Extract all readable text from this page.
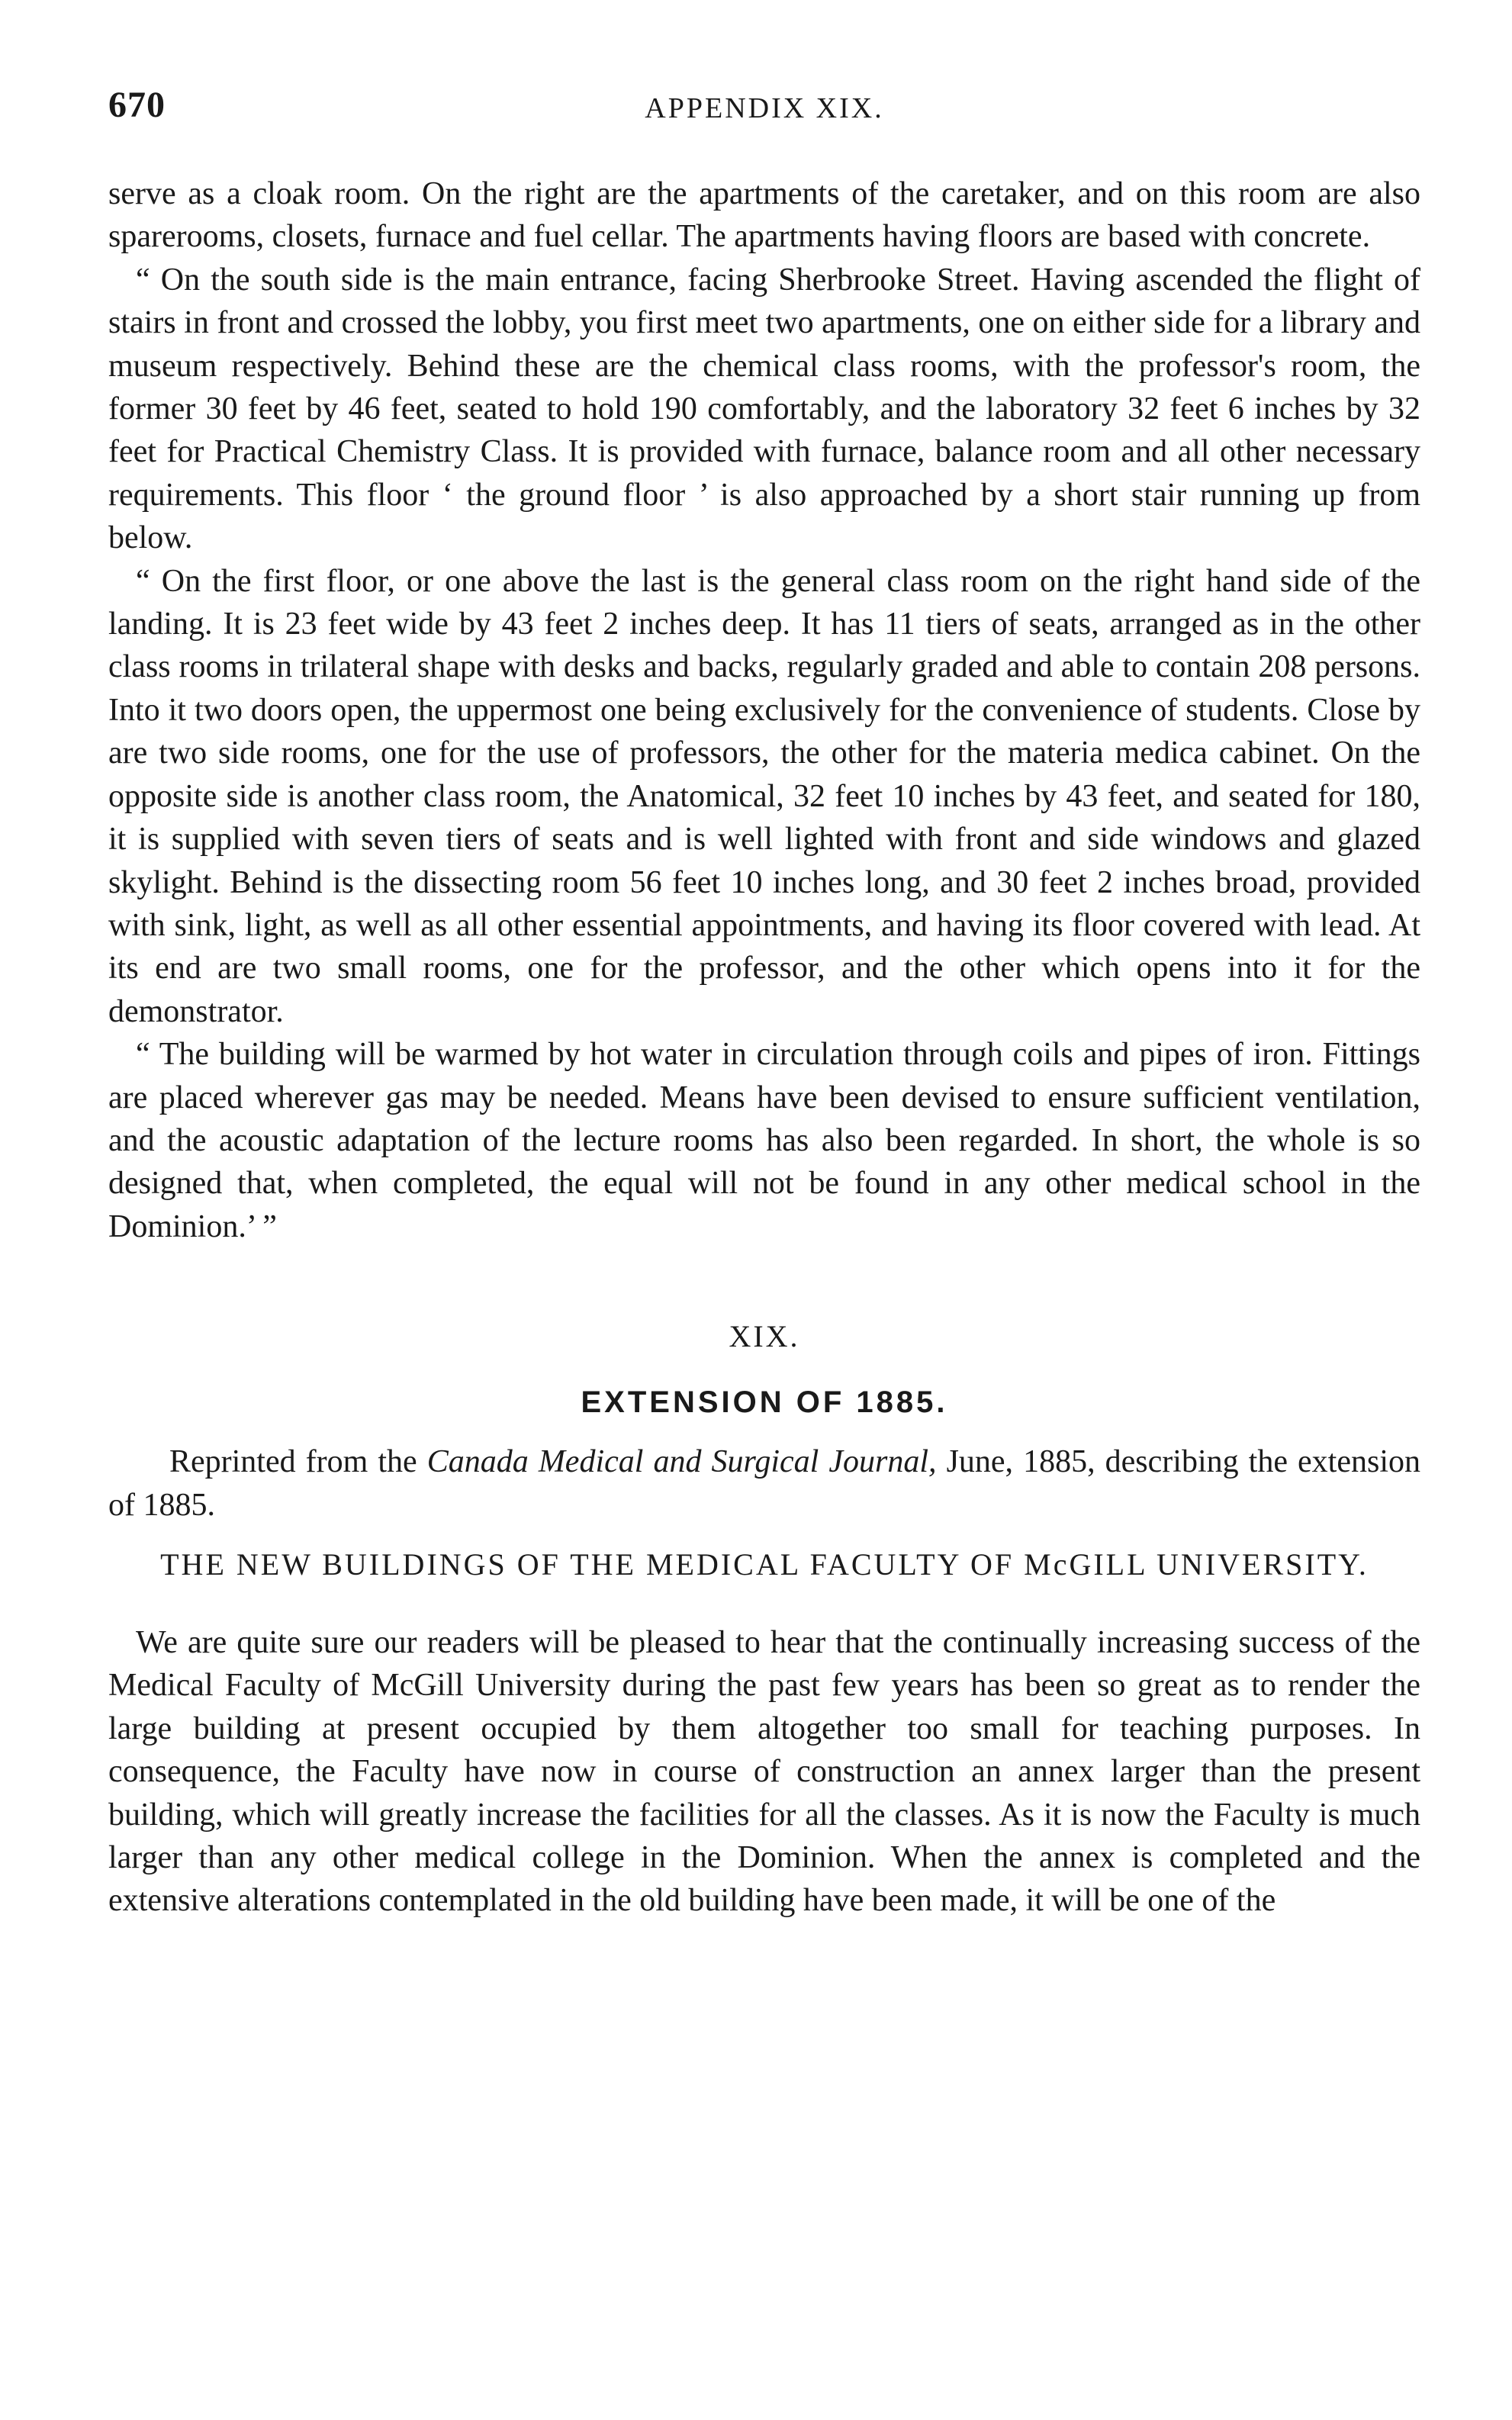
670	APPENDIX XIX.

serve as a cloak room. On the right are the apartments of the caretaker, and on this room are also sparerooms, closets, furnace and fuel cellar. The apartments having floors are based with concrete.

“ On the south side is the main entrance, facing Sherbrooke Street. Having ascended the flight of stairs in front and crossed the lobby, you first meet two apartments, one on either side for a library and museum respectively. Behind these are the chemical class rooms, with the professor's room, the former 30 feet by 46 feet, seated to hold 190 comfortably, and the laboratory 32 feet 6 inches by 32 feet for Practical Chemistry Class. It is provided with furnace, balance room and all other necessary requirements. This floor ‘ the ground floor ’ is also approached by a short stair running up from below.

“ On the first floor, or one above the last is the general class room on the right hand side of the landing. It is 23 feet wide by 43 feet 2 inches deep. It has 11 tiers of seats, arranged as in the other class rooms in trilateral shape with desks and backs, regularly graded and able to contain 208 persons. Into it two doors open, the uppermost one being exclusively for the convenience of students. Close by are two side rooms, one for the use of professors, the other for the materia medica cabinet. On the opposite side is another class room, the Anatomical, 32 feet 10 inches by 43 feet, and seated for 180, it is supplied with seven tiers of seats and is well lighted with front and side windows and glazed skylight. Behind is the dissecting room 56 feet 10 inches long, and 30 feet 2 inches broad, provided with sink, light, as well as all other essential appointments, and having its floor covered with lead. At its end are two small rooms, one for the professor, and the other which opens into it for the demonstrator.

“ The building will be warmed by hot water in circulation through coils and pipes of iron. Fittings are placed wherever gas may be needed. Means have been devised to ensure sufficient ventilation, and the acoustic adaptation of the lecture rooms has also been regarded. In short, the whole is so designed that, when completed, the equal will not be found in any other medical school in the Dominion.’ ”

XIX.
EXTENSION OF 1885.

Reprinted from the Canada Medical and Surgical Journal, June, 1885, describing the extension of 1885.

THE NEW BUILDINGS OF THE MEDICAL FACULTY OF McGILL UNIVERSITY.

We are quite sure our readers will be pleased to hear that the continually increasing success of the Medical Faculty of McGill University during the past few years has been so great as to render the large building at present occupied by them altogether too small for teaching purposes. In consequence, the Faculty have now in course of construction an annex larger than the present building, which will greatly increase the facilities for all the classes. As it is now the Faculty is much larger than any other medical college in the Dominion. When the annex is completed and the extensive alterations contemplated in the old building have been made, it will be one of the
